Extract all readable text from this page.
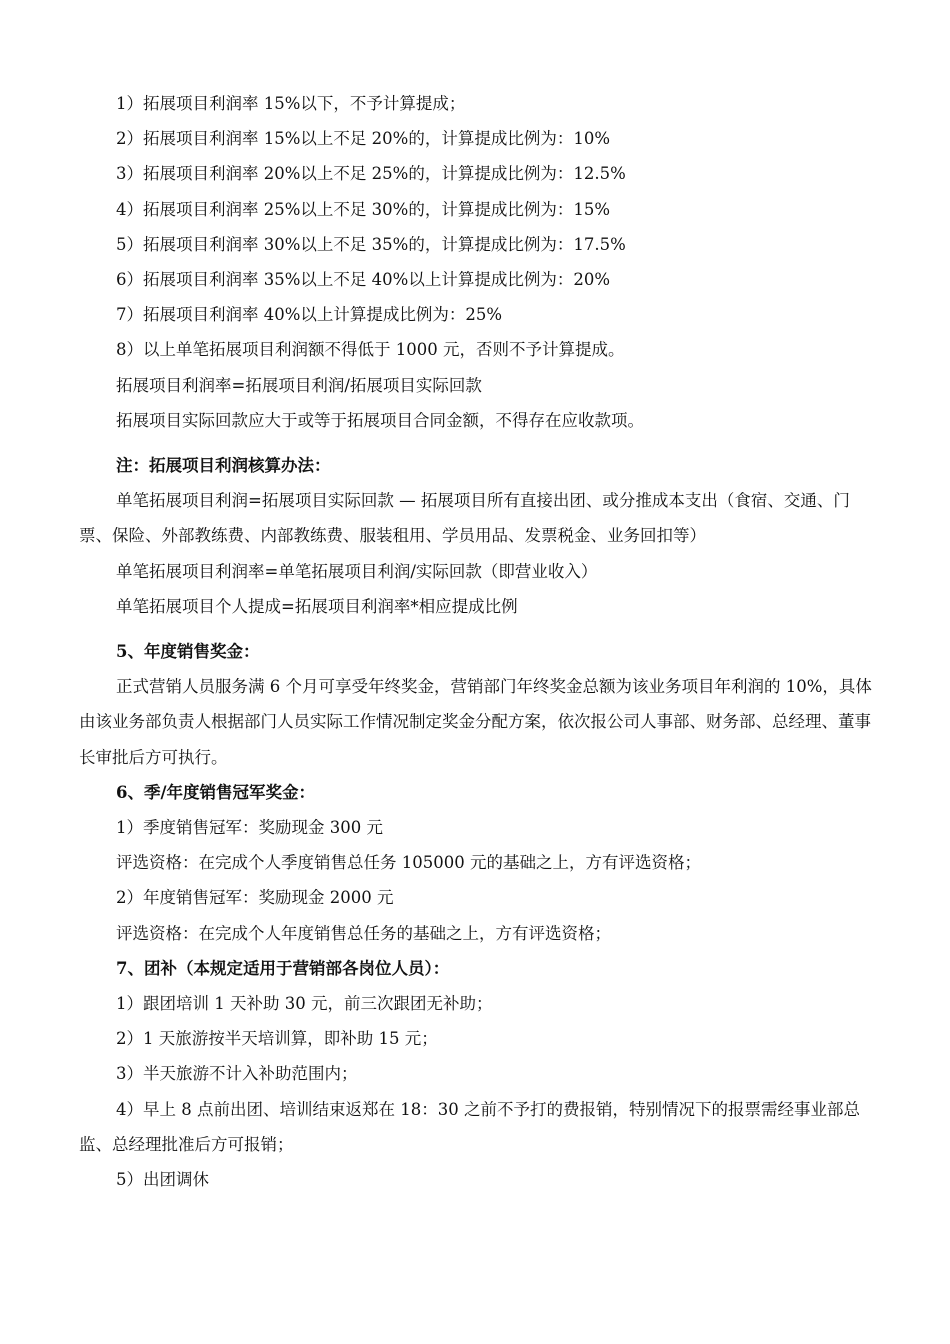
1）拓展项目利润率 15%以下，不予计算提成；

2）拓展项目利润率 15%以上不足 20%的，计算提成比例为：10%

3）拓展项目利润率 20%以上不足 25%的，计算提成比例为：12.5%

4）拓展项目利润率 25%以上不足 30%的，计算提成比例为：15%

5）拓展项目利润率 30%以上不足 35%的，计算提成比例为：17.5%

6）拓展项目利润率 35%以上不足 40%以上计算提成比例为：20%

7）拓展项目利润率 40%以上计算提成比例为：25%

8）以上单笔拓展项目利润额不得低于 1000 元，否则不予计算提成。

拓展项目利润率=拓展项目利润/拓展项目实际回款

拓展项目实际回款应大于或等于拓展项目合同金额，不得存在应收款项。

注：拓展项目利润核算办法：

单笔拓展项目利润=拓展项目实际回款 — 拓展项目所有直接出团、或分推成本支出（食宿、交通、门票、保险、外部教练费、内部教练费、服装租用、学员用品、发票税金、业务回扣等）

单笔拓展项目利润率=单笔拓展项目利润/实际回款（即营业收入）

单笔拓展项目个人提成=拓展项目利润率*相应提成比例

5、年度销售奖金：

正式营销人员服务满 6 个月可享受年终奖金，营销部门年终奖金总额为该业务项目年利润的 10%，具体由该业务部负责人根据部门人员实际工作情况制定奖金分配方案，依次报公司人事部、财务部、总经理、董事长审批后方可执行。

6、季/年度销售冠军奖金：

1）季度销售冠军：奖励现金 300 元

评选资格：在完成个人季度销售总任务 105000 元的基础之上，方有评选资格；

2）年度销售冠军：奖励现金 2000 元

评选资格：在完成个人年度销售总任务的基础之上，方有评选资格；

7、团补（本规定适用于营销部各岗位人员）：

1）跟团培训 1 天补助 30 元，前三次跟团无补助；

2）1 天旅游按半天培训算，即补助 15 元；

3）半天旅游不计入补助范围内；

4）早上 8 点前出团、培训结束返郑在 18：30 之前不予打的费报销，特别情况下的报票需经事业部总监、总经理批准后方可报销；

5）出团调休
